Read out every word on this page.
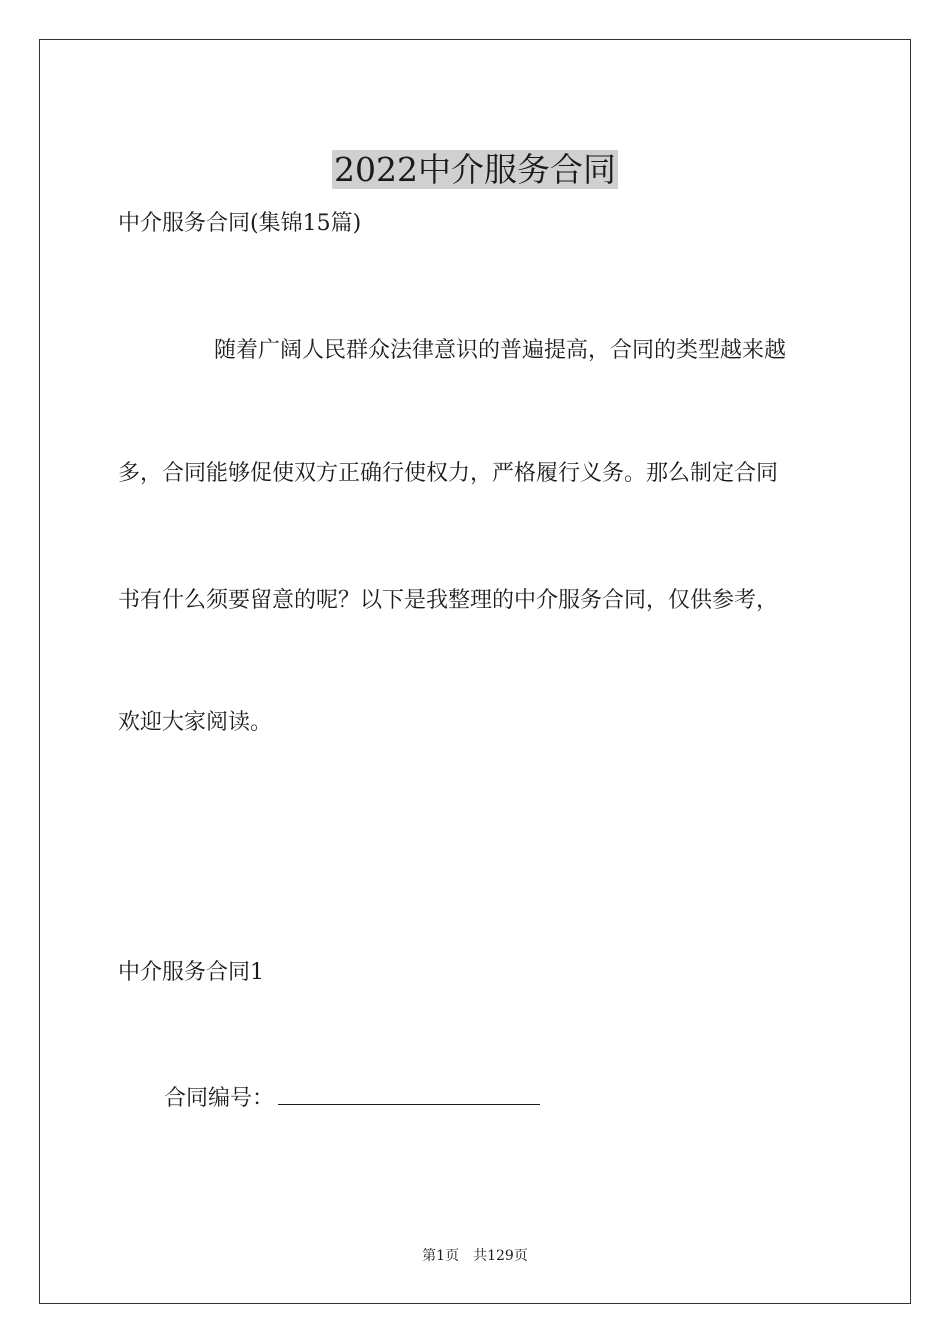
2022中介服务合同
中介服务合同(集锦15篇)
随着广阔人民群众法律意识的普遍提高，合同的类型越来越
多，合同能够促使双方正确行使权力，严格履行义务。那么制定合同
书有什么须要留意的呢？以下是我整理的中介服务合同，仅供参考，
欢迎大家阅读。
中介服务合同1
合同编号：
第1页 共129页
